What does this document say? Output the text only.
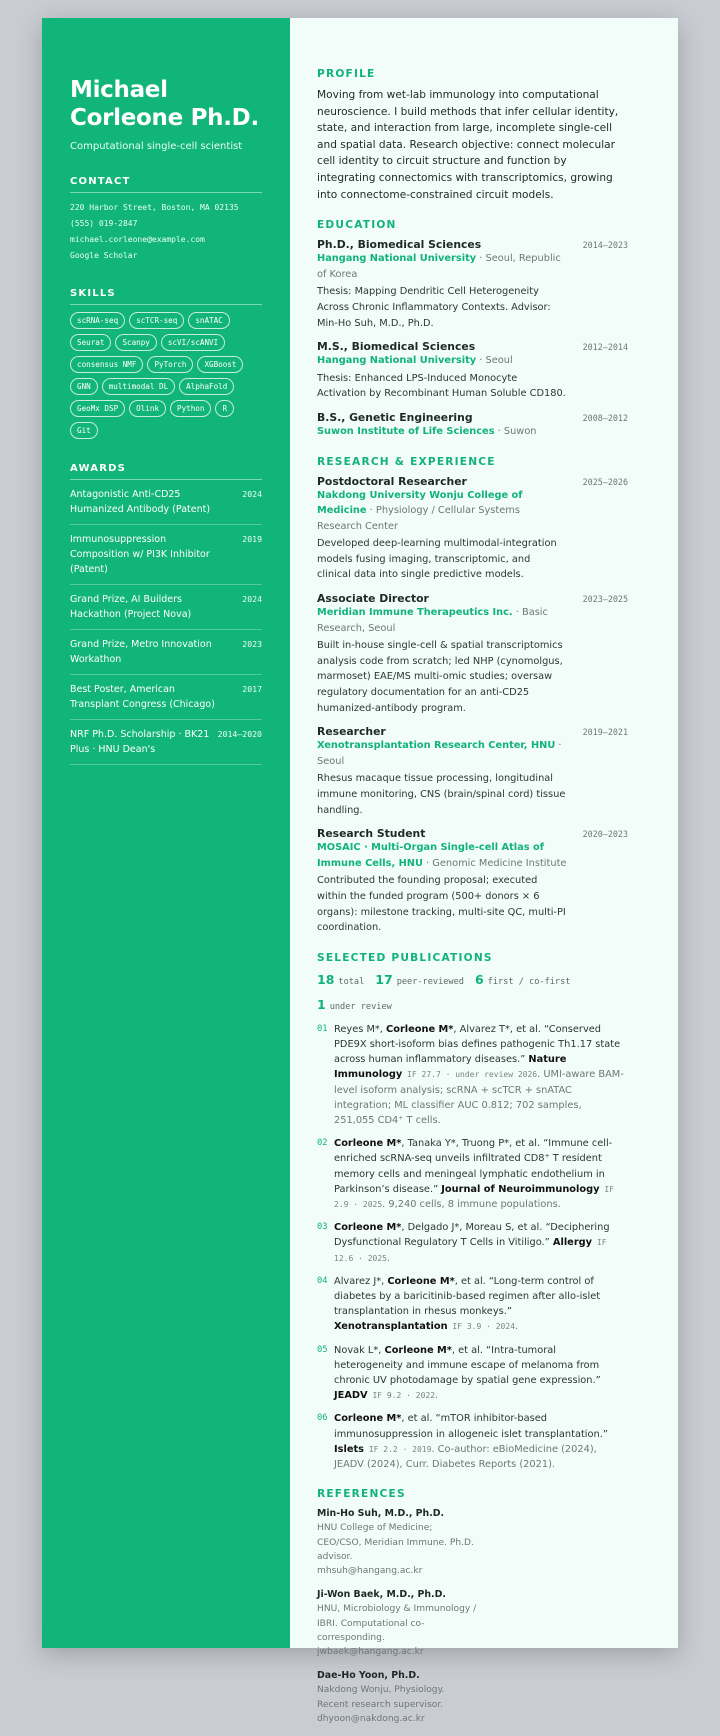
Michael Corleone Ph.D.
Computational single-cell scientist
CONTACT
220 Harbor Street, Boston, MA 02135
(555) 019-2847
michael.corleone@example.com
Google Scholar
SKILLS
scRNA-seq	scTCR-seq	snATAC
Seurat	Scanpy	scVI/scANVI
consensus NMF	PyTorch	XGBoost
GNN	multimodal DL	AlphaFold
GeoMx DSP	Olink	Python	R
Git
AWARDS
Antagonistic Anti-CD25 Humanized Antibody (Patent)
2024
Immunosuppression Composition w/ PI3K Inhibitor (Patent)
2019
Grand Prize, AI Builders Hackathon (Project Nova)
2024
Grand Prize, Metro Innovation Workathon
2023
Best Poster, American Transplant Congress (Chicago)
2017
NRF Ph.D. Scholarship · BK21 Plus · HNU Dean's
2014–2020
PROFILE

Moving from wet-lab immunology into computational neuroscience. I build methods that infer cellular identity, state, and interaction from large, incomplete single-cell and spatial data. Research objective: connect molecular cell identity to circuit structure and function by integrating connectomics with transcriptomics, growing into connectome-constrained circuit models.

EDUCATION
Ph.D., Biomedical Sciences	2014–2023
Hangang National University · Seoul, Republic of Korea
Thesis: Mapping Dendritic Cell Heterogeneity Across Chronic Inflammatory Contexts. Advisor: Min-Ho Suh, M.D., Ph.D.
M.S., Biomedical Sciences	2012–2014
Hangang National University · Seoul
Thesis: Enhanced LPS-Induced Monocyte Activation by Recombinant Human Soluble CD180.
B.S., Genetic Engineering	2008–2012
Suwon Institute of Life Sciences · Suwon
RESEARCH & EXPERIENCE
Postdoctoral Researcher	2025–2026
Nakdong University Wonju College of Medicine · Physiology / Cellular Systems Research Center
Developed deep-learning multimodal-integration models fusing imaging, transcriptomic, and clinical data into single predictive models.
Associate Director	2023–2025
Meridian Immune Therapeutics Inc. · Basic Research, Seoul
Built in-house single-cell & spatial transcriptomics analysis code from scratch; led NHP (cynomolgus, marmoset) EAE/MS multi-omic studies; oversaw regulatory documentation for an anti-CD25 humanized-antibody program.
Researcher	2019–2021
Xenotransplantation Research Center, HNU · Seoul
Rhesus macaque tissue processing, longitudinal immune monitoring, CNS (brain/spinal cord) tissue handling.
Research Student	2020–2023
MOSAIC · Multi-Organ Single-cell Atlas of Immune Cells, HNU · Genomic Medicine Institute
Contributed the founding proposal; executed within the funded program (500+ donors × 6 organs): milestone tracking, multi-site QC, multi-PI coordination.
SELECTED PUBLICATIONS
18 total 17 peer-reviewed 6 first / co-first
1 under review
01 Reyes M*, Corleone M*, Alvarez T*, et al. “Conserved PDE9X short-isoform bias defines pathogenic Th1.17 state across human inflammatory diseases.” Nature Immunology IF 27.7 · under review 2026. UMI-aware BAM-level isoform analysis; scRNA + scTCR + snATAC integration; ML classifier AUC 0.812; 702 samples, 251,055 CD4⁺ T cells.
02 Corleone M*, Tanaka Y*, Truong P*, et al. “Immune cell-enriched scRNA-seq unveils infiltrated CD8⁺ T resident memory cells and meningeal lymphatic endothelium in Parkinson’s disease.” Journal of Neuroimmunology IF 2.9 · 2025. 9,240 cells, 8 immune populations.
03 Corleone M*, Delgado J*, Moreau S, et al. “Deciphering Dysfunctional Regulatory T Cells in Vitiligo.” Allergy IF 12.6 · 2025.
04 Alvarez J*, Corleone M*, et al. “Long-term control of diabetes by a baricitinib-based regimen after allo-islet transplantation in rhesus monkeys.” Xenotransplantation IF 3.9 · 2024.
05 Novak L*, Corleone M*, et al. “Intra-tumoral heterogeneity and immune escape of melanoma from chronic UV photodamage by spatial gene expression.” JEADV IF 9.2 · 2022.
06 Corleone M*, et al. “mTOR inhibitor-based immunosuppression in allogeneic islet transplantation.” Islets IF 2.2 · 2019. Co-author: eBioMedicine (2024), JEADV (2024), Curr. Diabetes Reports (2021).
REFERENCES
Min-Ho Suh, M.D., Ph.D.
HNU College of Medicine; CEO/CSO, Meridian Immune. Ph.D. advisor.
mhsuh@hangang.ac.kr
Ji-Won Baek, M.D., Ph.D.
HNU, Microbiology & Immunology / IBRI. Computational co-corresponding.
jwbaek@hangang.ac.kr
Dae-Ho Yoon, Ph.D.
Nakdong Wonju, Physiology. Recent research supervisor.
dhyoon@nakdong.ac.kr
